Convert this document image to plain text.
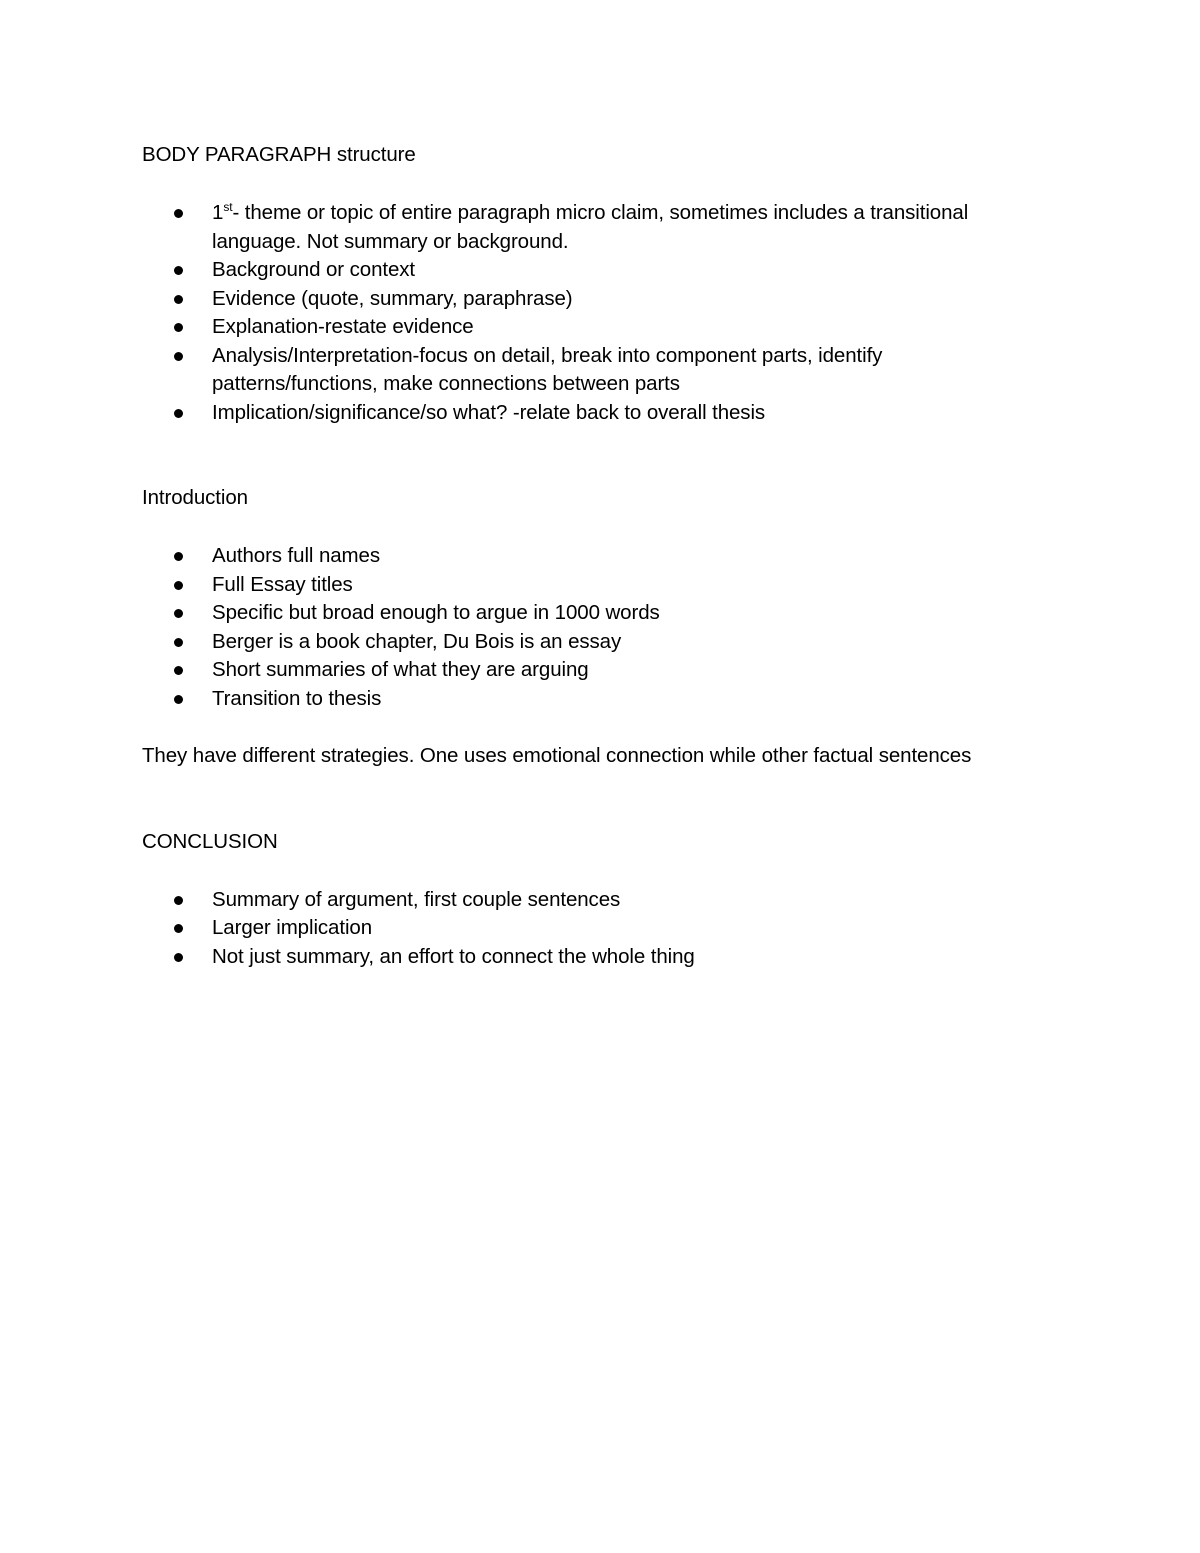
BODY PARAGRAPH structure
1st- theme or topic of entire paragraph micro claim, sometimes includes a transitional language. Not summary or background.
Background or context
Evidence (quote, summary, paraphrase)
Explanation-restate evidence
Analysis/Interpretation-focus on detail, break into component parts, identify patterns/functions, make connections between parts
Implication/significance/so what? -relate back to overall thesis
Introduction
Authors full names
Full Essay titles
Specific but broad enough to argue in 1000 words
Berger is a book chapter, Du Bois is an essay
Short summaries of what they are arguing
Transition to thesis

They have different strategies. One uses emotional connection while other factual sentences

CONCLUSION
Summary of argument, first couple sentences
Larger implication
Not just summary, an effort to connect the whole thing
